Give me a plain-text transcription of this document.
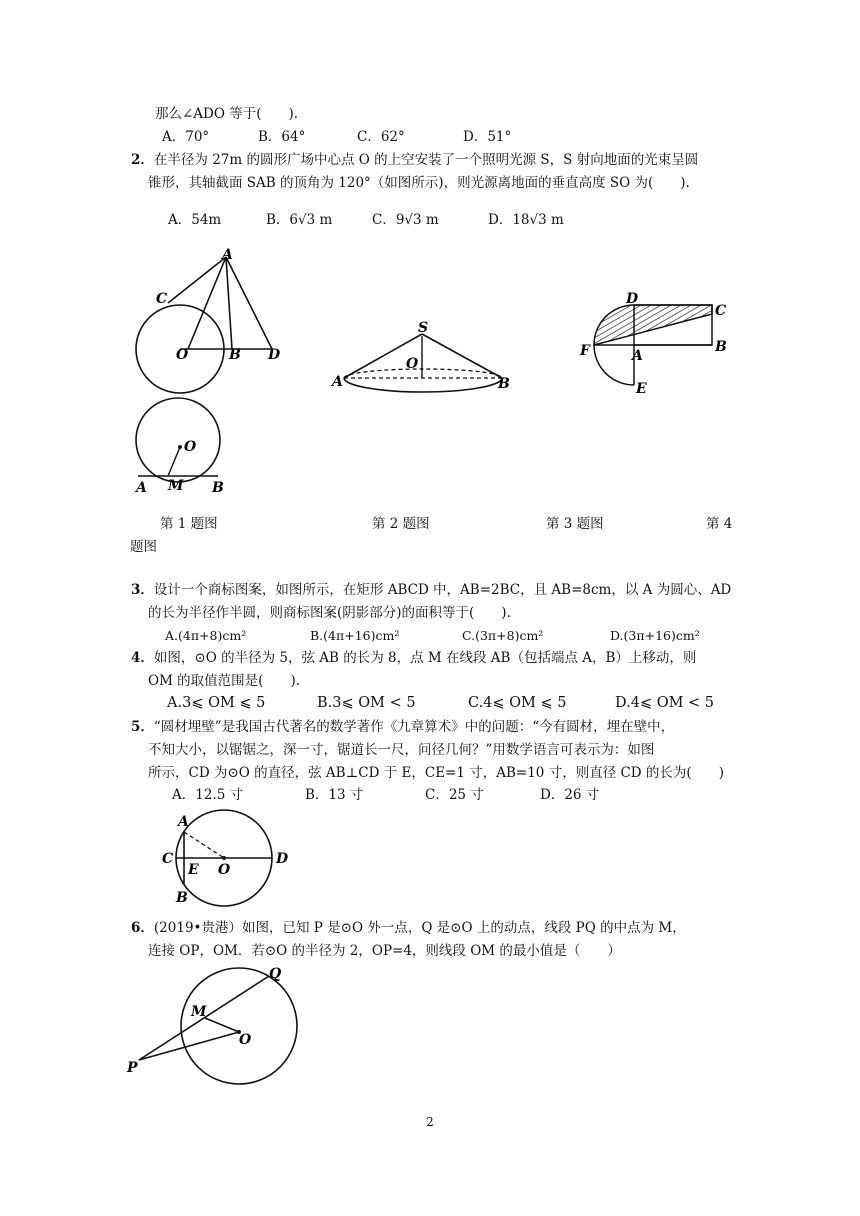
那么∠ADO 等于(　　).
A．70°	B．64°	C．62°	D．51°
2．在半径为 27m 的圆形广场中心点 O 的上空安装了一个照明光源 S，S 射向地面的光束呈圆
锥形，其轴截面 SAB 的顶角为 120°（如图所示)，则光源离地面的垂直高度 SO 为(　　).
A．54m	B．6√3 m	C．9√3 m	D．18√3 m
A
C
O	B D
S
O
A	B
D
C
F	A
B
E
O
A M B
第 1 题图	第 2 题图	第 3 题图	第 4
题图
3．设计一个商标图案，如图所示，在矩形 ABCD 中，AB=2BC，且 AB=8cm，以 A 为圆心、AD
的长为半径作半圆，则商标图案(阴影部分)的面积等于(　　).
A.(4π+8)cm²	B.(4π+16)cm²	C.(3π+8)cm²	D.(3π+16)cm²
4．如图，⊙O 的半径为 5，弦 AB 的长为 8，点 M 在线段 AB（包括端点 A，B）上移动，则
OM 的取值范围是(　　).
A.3⩽ OM ⩽ 5	B.3⩽ OM < 5	C.4⩽ OM ⩽ 5	D.4⩽ OM < 5
5．“圆材埋壁”是我国古代著名的数学著作《九章算术》中的问题：“今有圆材，埋在壁中，
不知大小，以锯锯之，深一寸，锯道长一尺，问径几何？”用数学语言可表示为：如图
所示，CD 为⊙O 的直径，弦 AB⊥CD 于 E，CE=1 寸，AB=10 寸，则直径 CD 的长为(　　)
A．12.5 寸	B．13 寸	C．25 寸	D．26 寸
A
C
E O
D
B
6．(2019•贵港）如图，已知 P 是⊙O 外一点，Q 是⊙O 上的动点，线段 PQ 的中点为 M，
连接 OP，OM．若⊙O 的半径为 2，OP=4，则线段 OM 的最小值是（　　）
Q
M
O
P
2
